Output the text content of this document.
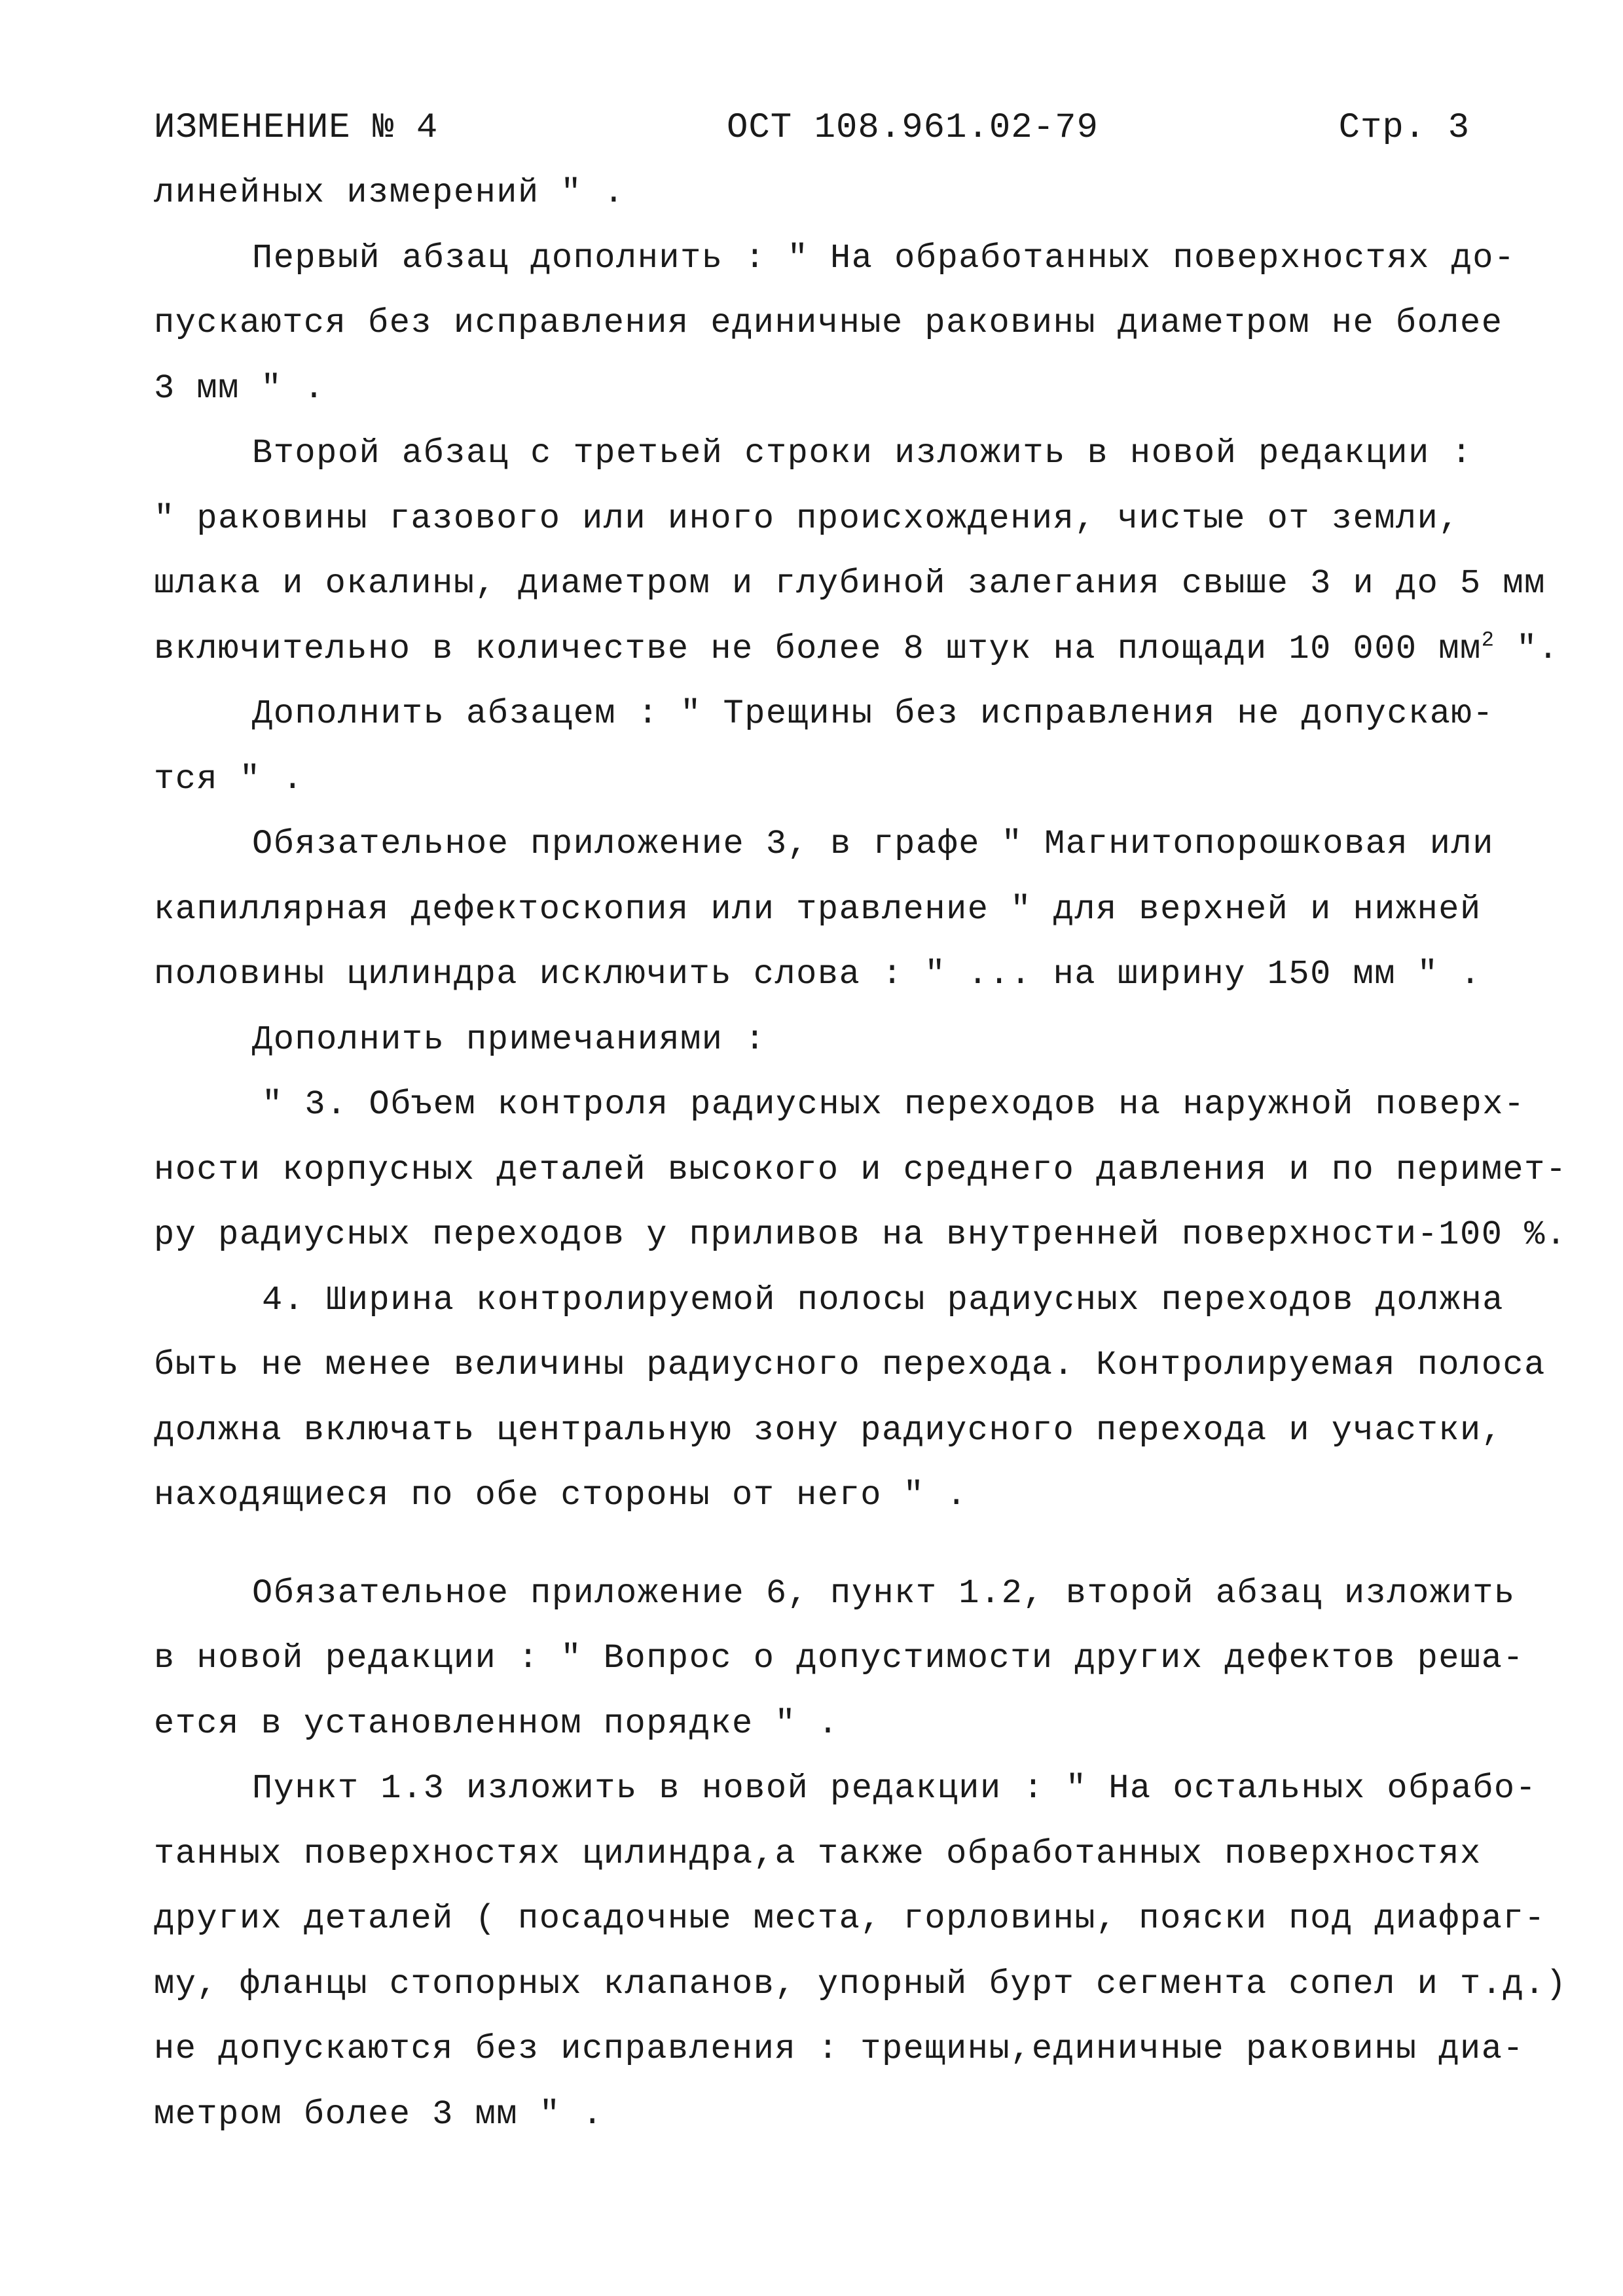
ИЗМЕНЕНИЕ № 4	ОСТ 108.961.02-79	Стр. 3
линейных измерений " .
Первый абзац дополнить : " На обработанных поверхностях до-
пускаются без исправления единичные раковины диаметром не более
3 мм " .
Второй абзац с третьей строки изложить в новой редакции :
" раковины газового или иного происхождения, чистые от земли,
шлака и окалины, диаметром и глубиной залегания свыше 3 и до 5 мм
включительно в количестве не более 8 штук на площади 10 000 $мм^2$ ".
Дополнить абзацем : " Трещины без исправления не допускаю-
тся " .
Обязательное приложение 3, в графе " Магнитопорошковая или
капиллярная дефектоскопия или травление " для верхней и нижней
половины цилиндра исключить слова : " ... на ширину 150 мм " .
Дополнить примечаниями :
" 3. Объем контроля радиусных переходов на наружной поверх-
ности корпусных деталей высокого и среднего давления и по перимет-
ру радиусных переходов у приливов на внутренней поверхности-100 %.
4. Ширина контролируемой полосы радиусных переходов должна
быть не менее величины радиусного перехода. Контролируемая полоса
должна включать центральную зону радиусного перехода и участки,
находящиеся по обе стороны от него " .
Обязательное приложение 6, пункт 1.2, второй абзац изложить
в новой редакции : " Вопрос о допустимости других дефектов реша-
ется в установленном порядке " .
Пункт 1.3 изложить в новой редакции : " На остальных обрабо-
танных поверхностях цилиндра,а также обработанных поверхностях
других деталей ( посадочные места, горловины, пояски под диафраг-
му, фланцы стопорных клапанов, упорный бурт сегмента сопел и т.д.)
не допускаются без исправления : трещины,единичные раковины диа-
метром более 3 мм " .
